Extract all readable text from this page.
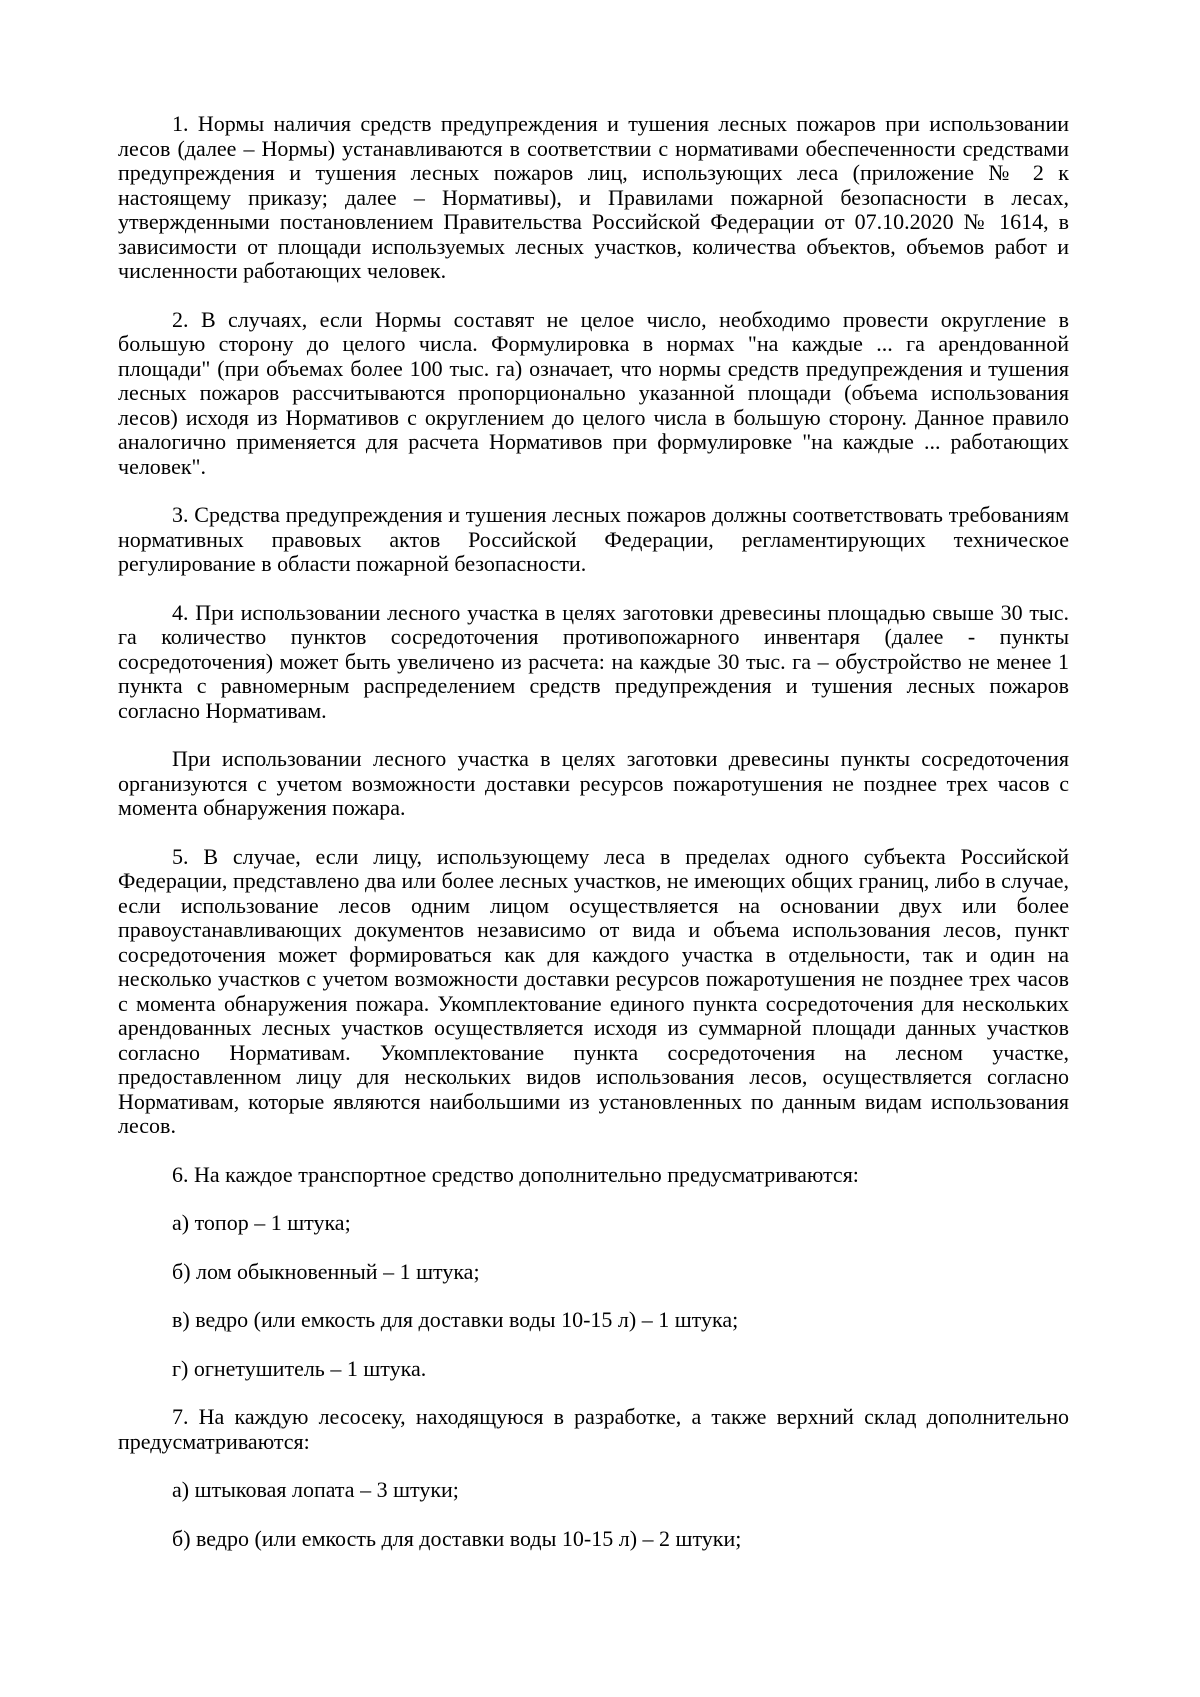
1. Нормы наличия средств предупреждения и тушения лесных пожаров при использовании лесов (далее – Нормы) устанавливаются в соответствии с нормативами обеспеченности средствами предупреждения и тушения лесных пожаров лиц, использующих леса (приложение № 2 к настоящему приказу; далее – Нормативы), и Правилами пожарной безопасности в лесах, утвержденными постановлением Правительства Российской Федерации от 07.10.2020 № 1614, в зависимости от площади используемых лесных участков, количества объектов, объемов работ и численности работающих человек.

2. В случаях, если Нормы составят не целое число, необходимо провести округление в большую сторону до целого числа. Формулировка в нормах "на каждые ... га арендованной площади" (при объемах более 100 тыс. га) означает, что нормы средств предупреждения и тушения лесных пожаров рассчитываются пропорционально указанной площади (объема использования лесов) исходя из Нормативов с округлением до целого числа в большую сторону. Данное правило аналогично применяется для расчета Нормативов при формулировке "на каждые ... работающих человек".

3. Средства предупреждения и тушения лесных пожаров должны соответствовать требованиям нормативных правовых актов Российской Федерации, регламентирующих техническое регулирование в области пожарной безопасности.

4. При использовании лесного участка в целях заготовки древесины площадью свыше 30 тыс. га количество пунктов сосредоточения противопожарного инвентаря (далее - пункты сосредоточения) может быть увеличено из расчета: на каждые 30 тыс. га – обустройство не менее 1 пункта с равномерным распределением средств предупреждения и тушения лесных пожаров согласно Нормативам.

При использовании лесного участка в целях заготовки древесины пункты сосредоточения организуются с учетом возможности доставки ресурсов пожаротушения не позднее трех часов с момента обнаружения пожара.

5. В случае, если лицу, использующему леса в пределах одного субъекта Российской Федерации, представлено два или более лесных участков, не имеющих общих границ, либо в случае, если использование лесов одним лицом осуществляется на основании двух или более правоустанавливающих документов независимо от вида и объема использования лесов, пункт сосредоточения может формироваться как для каждого участка в отдельности, так и один на несколько участков с учетом возможности доставки ресурсов пожаротушения не позднее трех часов с момента обнаружения пожара. Укомплектование единого пункта сосредоточения для нескольких арендованных лесных участков осуществляется исходя из суммарной площади данных участков согласно Нормативам. Укомплектование пункта сосредоточения на лесном участке, предоставленном лицу для нескольких видов использования лесов, осуществляется согласно Нормативам, которые являются наибольшими из установленных по данным видам использования лесов.

6. На каждое транспортное средство дополнительно предусматриваются:

а) топор – 1 штука;

б) лом обыкновенный – 1 штука;

в) ведро (или емкость для доставки воды 10-15 л) – 1 штука;

г) огнетушитель – 1 штука.

7. На каждую лесосеку, находящуюся в разработке, а также верхний склад дополнительно предусматриваются:

а) штыковая лопата – 3 штуки;

б) ведро (или емкость для доставки воды 10-15 л) – 2 штуки;
